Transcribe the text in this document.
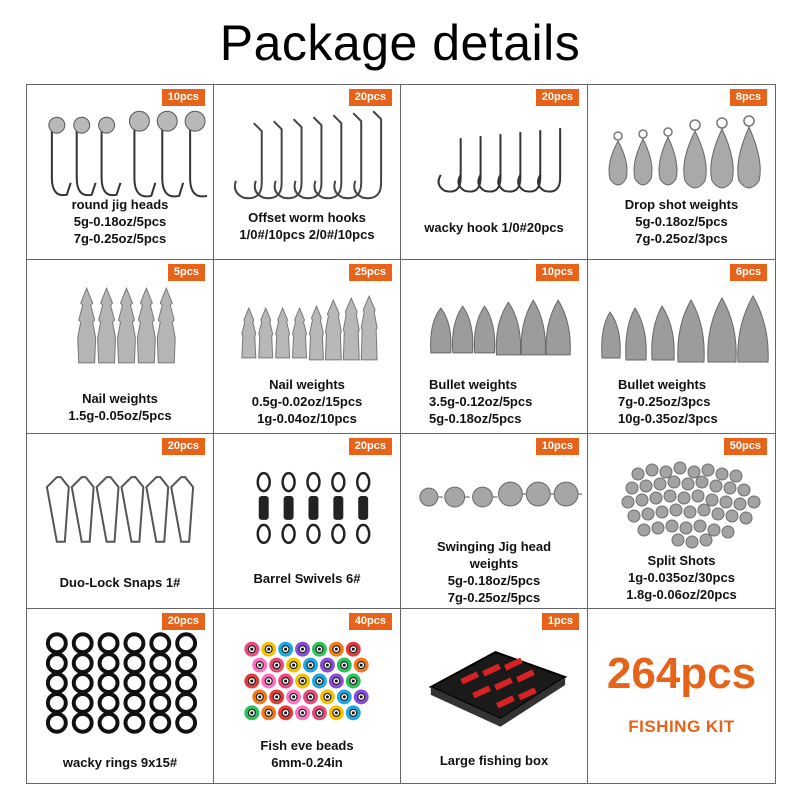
Package details
10pcs
round jig heads
5g-0.18oz/5pcs
7g-0.25oz/5pcs
20pcs
Offset worm hooks
1/0#/10pcs 2/0#/10pcs
20pcs
wacky hook 1/0#20pcs
8pcs
Drop shot weights
5g-0.18oz/5pcs
7g-0.25oz/3pcs
5pcs
Nail weights
1.5g-0.05oz/5pcs
25pcs
Nail weights
0.5g-0.02oz/15pcs
1g-0.04oz/10pcs
10pcs
Bullet weights
3.5g-0.12oz/5pcs
5g-0.18oz/5pcs
6pcs
Bullet weights
7g-0.25oz/3pcs
10g-0.35oz/3pcs
20pcs
Duo-Lock Snaps 1#
20pcs
Barrel Swivels 6#
10pcs
Swinging Jig head weights
5g-0.18oz/5pcs
7g-0.25oz/5pcs
50pcs
Split Shots
1g-0.035oz/30pcs
1.8g-0.06oz/20pcs
20pcs
wacky rings 9x15#
40pcs
Fish eve beads
6mm-0.24in
1pcs
Large fishing box
264pcs
FISHING KIT
